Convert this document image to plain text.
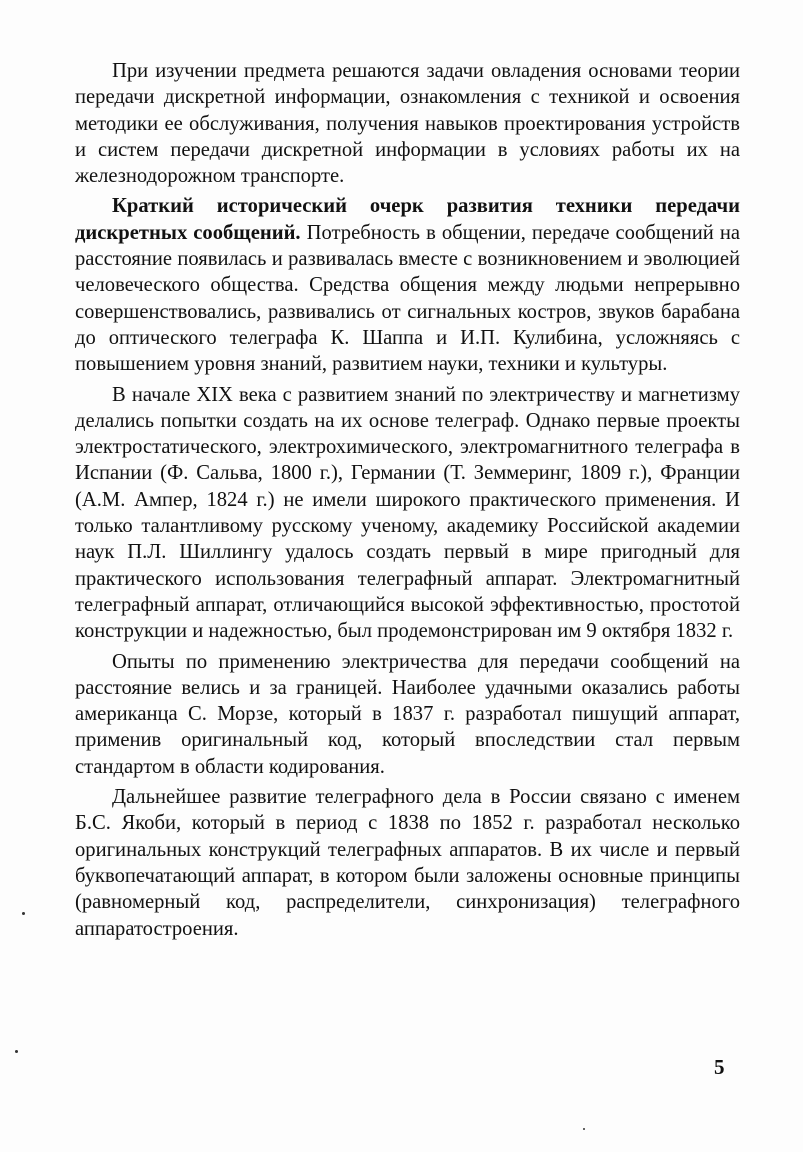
При изучении предмета решаются задачи овладения основами теории передачи дискретной информации, ознакомления с техникой и освоения методики ее обслуживания, получения навыков проектирования устройств и систем передачи дискретной информации в условиях работы их на железнодорожном транспорте.

Краткий исторический очерк развития техники передачи дискретных сообщений. Потребность в общении, передаче сообщений на расстояние появилась и развивалась вместе с возникновением и эволюцией человеческого общества. Средства общения между людьми непрерывно совершенствовались, развивались от сигнальных костров, звуков барабана до оптического телеграфа К. Шаппа и И.П. Кулибина, усложняясь с повышением уровня знаний, развитием науки, техники и культуры.

В начале XIX века с развитием знаний по электричеству и магнетизму делались попытки создать на их основе телеграф. Однако первые проекты электростатического, электрохимического, электромагнитного телеграфа в Испании (Ф. Сальва, 1800 г.), Германии (Т. Земмеринг, 1809 г.), Франции (А.М. Ампер, 1824 г.) не имели широкого практического применения. И только талантливому русскому ученому, академику Российской академии наук П.Л. Шиллингу удалось создать первый в мире пригодный для практического использования телеграфный аппарат. Электромагнитный телеграфный аппарат, отличающийся высокой эффективностью, простотой конструкции и надежностью, был продемонстрирован им 9 октября 1832 г.

Опыты по применению электричества для передачи сообщений на расстояние велись и за границей. Наиболее удачными оказались работы американца С. Морзе, который в 1837 г. разработал пишущий аппарат, применив оригинальный код, который впоследствии стал первым стандартом в области кодирования.

Дальнейшее развитие телеграфного дела в России связано с именем Б.С. Якоби, который в период с 1838 по 1852 г. разработал несколько оригинальных конструкций телеграфных аппаратов. В их числе и первый буквопечатающий аппарат, в котором были заложены основные принципы (равномерный код, распределители, синхронизация) телеграфного аппаратостроения.

5
